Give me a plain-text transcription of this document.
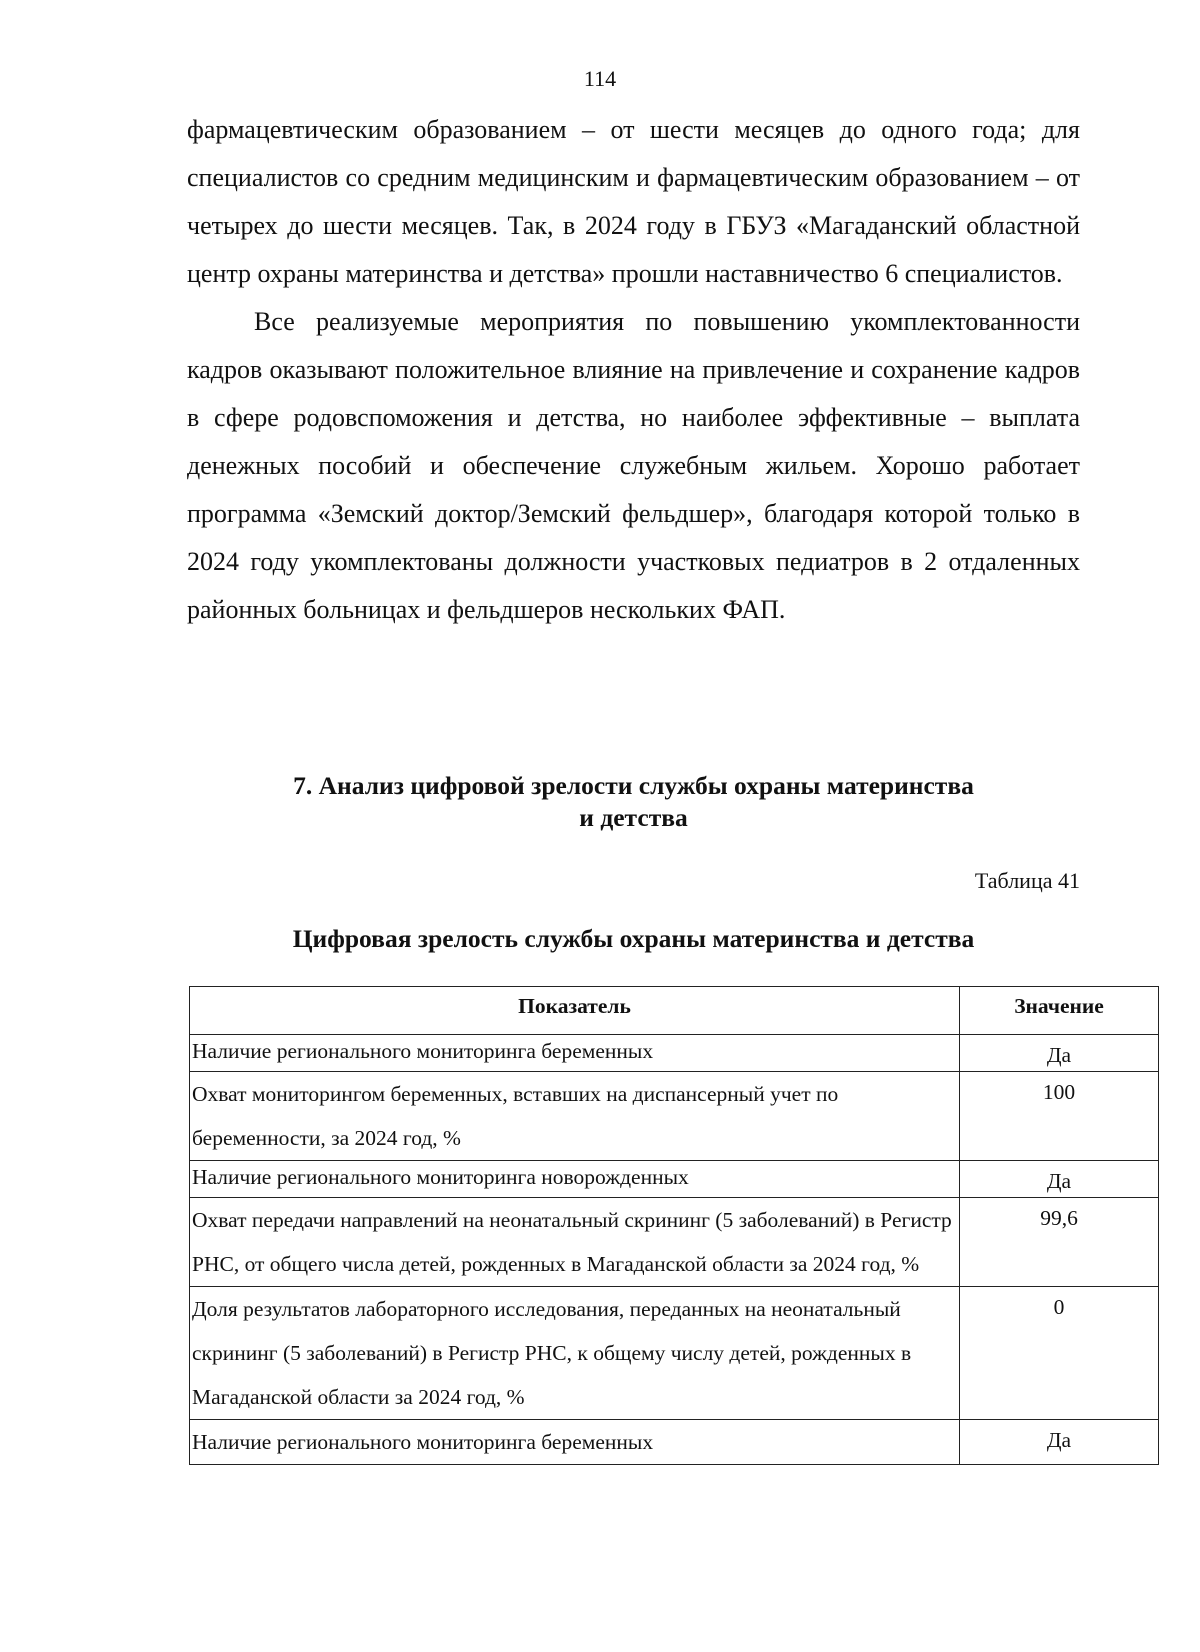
114

фармацевтическим образованием – от шести месяцев до одного года; для специалистов со средним медицинским и фармацевтическим образованием – от четырех до шести месяцев. Так, в 2024 году в ГБУЗ «Магаданский областной центр охраны материнства и детства» прошли наставничество 6 специалистов.

Все реализуемые мероприятия по повышению укомплектованности кадров оказывают положительное влияние на привлечение и сохранение кадров в сфере родовспоможения и детства, но наиболее эффективные – выплата денежных пособий и обеспечение служебным жильем. Хорошо работает программа «Земский доктор/Земский фельдшер», благодаря которой только в 2024 году укомплектованы должности участковых педиатров в 2 отдаленных районных больницах и фельдшеров нескольких ФАП.

7. Анализ цифровой зрелости службы охраны материнства
и детства
Таблица 41
Цифровая зрелость службы охраны материнства и детства
Показатель	Значение
Наличие регионального мониторинга беременных	Да
Охват мониторингом беременных, вставших на диспансерный учет по беременности, за 2024 год, %	100
Наличие регионального мониторинга новорожденных	Да
Охват передачи направлений на неонатальный скрининг (5 заболеваний) в Регистр РНС, от общего числа детей, рожденных в Магаданской области за 2024 год, %	99,6
Доля результатов лабораторного исследования, переданных на неонатальный скрининг (5 заболеваний) в Регистр РНС, к общему числу детей, рожденных в Магаданской области за 2024 год, %	0
Наличие регионального мониторинга беременных	Да
